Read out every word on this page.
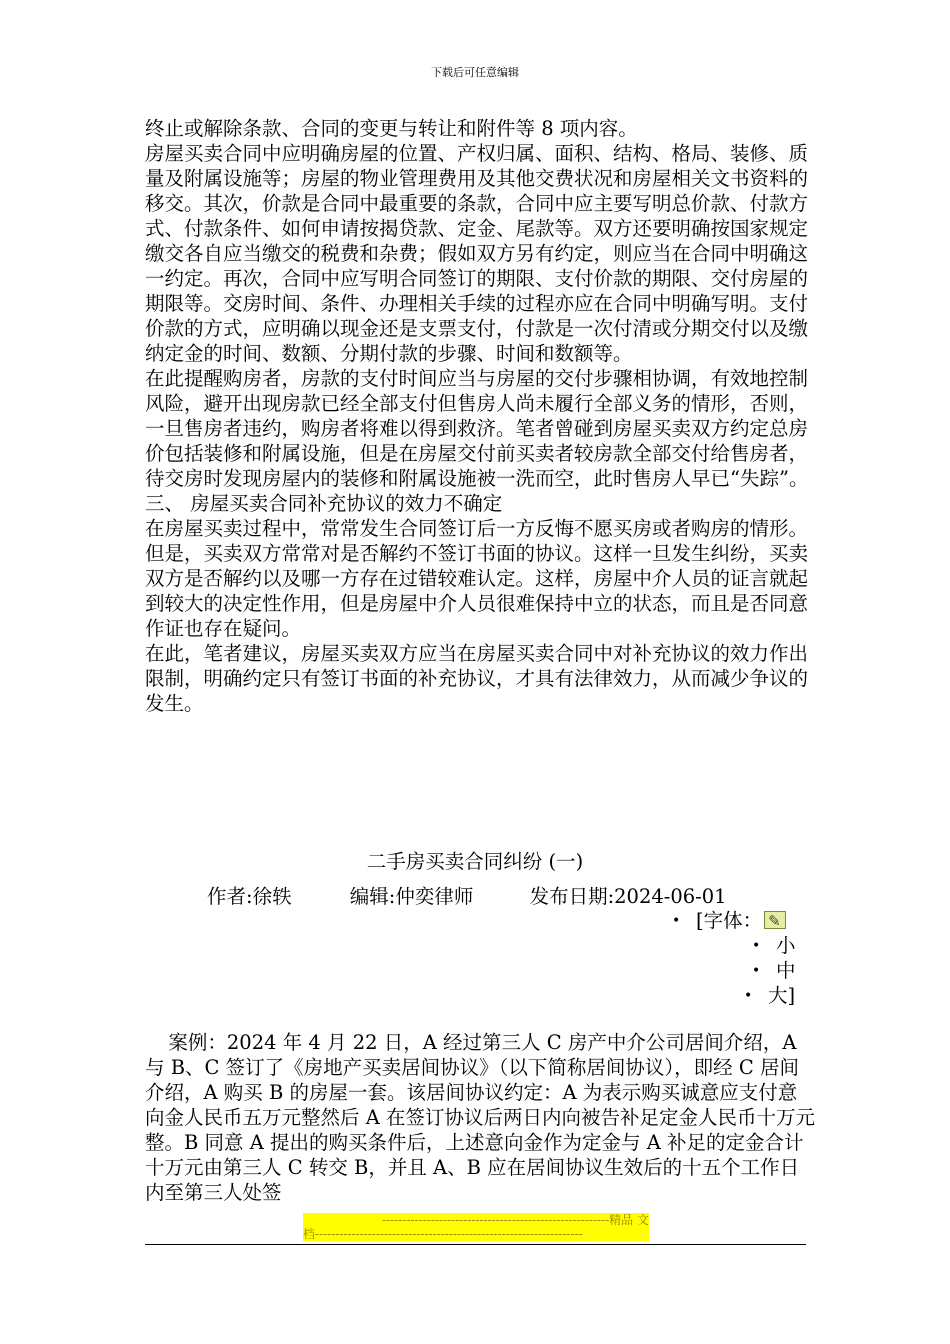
下载后可任意编辑

终止或解除条款、合同的变更与转让和附件等 8 项内容。

房屋买卖合同中应明确房屋的位置、产权归属、面积、结构、格局、装修、质量及附属设施等；房屋的物业管理费用及其他交费状况和房屋相关文书资料的移交。其次，价款是合同中最重要的条款，合同中应主要写明总价款、付款方式、付款条件、如何申请按揭贷款、定金、尾款等。双方还要明确按国家规定缴交各自应当缴交的税费和杂费；假如双方另有约定，则应当在合同中明确这一约定。再次，合同中应写明合同签订的期限、支付价款的期限、交付房屋的期限等。交房时间、条件、办理相关手续的过程亦应在合同中明确写明。支付价款的方式，应明确以现金还是支票支付，付款是一次付清或分期交付以及缴纳定金的时间、数额、分期付款的步骤、时间和数额等。

在此提醒购房者，房款的支付时间应当与房屋的交付步骤相协调，有效地控制风险，避开出现房款已经全部支付但售房人尚未履行全部义务的情形，否则，一旦售房者违约，购房者将难以得到救济。笔者曾碰到房屋买卖双方约定总房价包括装修和附属设施，但是在房屋交付前买卖者较房款全部交付给售房者，待交房时发现房屋内的装修和附属设施被一洗而空，此时售房人早已“失踪”。

三、 房屋买卖合同补充协议的效力不确定

在房屋买卖过程中，常常发生合同签订后一方反悔不愿买房或者购房的情形。但是，买卖双方常常对是否解约不签订书面的协议。这样一旦发生纠纷，买卖双方是否解约以及哪一方存在过错较难认定。这样，房屋中介人员的证言就起到较大的决定性作用，但是房屋中介人员很难保持中立的状态，而且是否同意作证也存在疑问。

在此，笔者建议，房屋买卖双方应当在房屋买卖合同中对补充协议的效力作出限制，明确约定只有签订书面的补充协议，才具有法律效力，从而减少争议的发生。

二手房买卖合同纠纷 (一)
作者:徐轶	编辑:仲奕律师	发布日期:2024-06-01
• [字体：✎
• 小
• 中
• 大]

案例：2024 年 4 月 22 日，A 经过第三人 C 房产中介公司居间介绍，A 与 B、C 签订了《房地产买卖居间协议》（以下简称居间协议），即经 C 居间介绍，A 购买 B 的房屋一套。该居间协议约定：A 为表示购买诚意应支付意向金人民币五万元整然后 A 在签订协议后两日内向被告补足定金人民币十万元整。B 同意 A 提出的购买条件后，上述意向金作为定金与 A 补足的定金合计十万元由第三人 C 转交 B，并且 A、B 应在居间协议生效后的十五个工作日内至第三人处签

--------------------------------------------------------精品 文
档------------------------------------------------------------------
